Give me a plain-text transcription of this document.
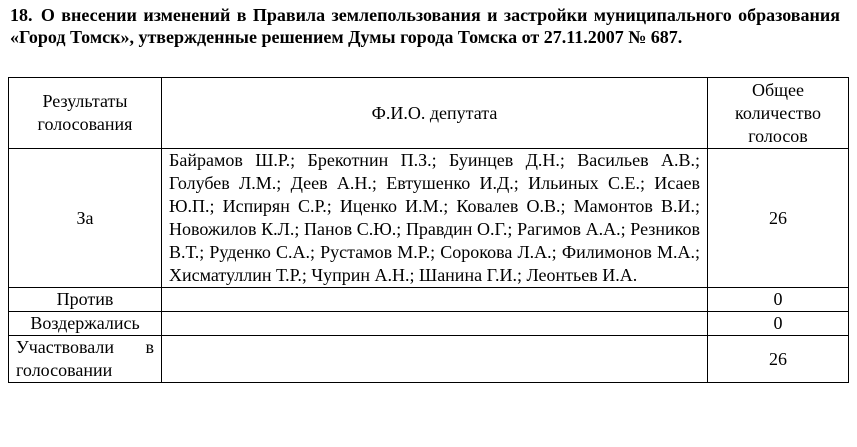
18. О внесении изменений в Правила землепользования и застройки муниципального образования «Город Томск», утвержденные решением Думы города Томска от 27.11.2007 № 687.
Результаты голосования	Ф.И.О. депутата	Общее количество голосов
За	Байрамов Ш.Р.; Брекотнин П.З.; Буинцев Д.Н.; Васильев А.В.; Голубев Л.М.; Деев А.Н.; Евтушенко И.Д.; Ильиных С.Е.; Исаев Ю.П.; Испирян С.Р.; Иценко И.М.; Ковалев О.В.; Мамонтов В.И.; Новожилов К.Л.; Панов С.Ю.; Правдин О.Г.; Рагимов А.А.; Резников В.Т.; Руденко С.А.; Рустамов М.Р.; Сорокова Л.А.; Филимонов М.А.; Хисматуллин Т.Р.; Чуприн А.Н.; Шанина Г.И.; Леонтьев И.А.	26
Против		0
Воздержались		0
Участвовали в голосовании		26
